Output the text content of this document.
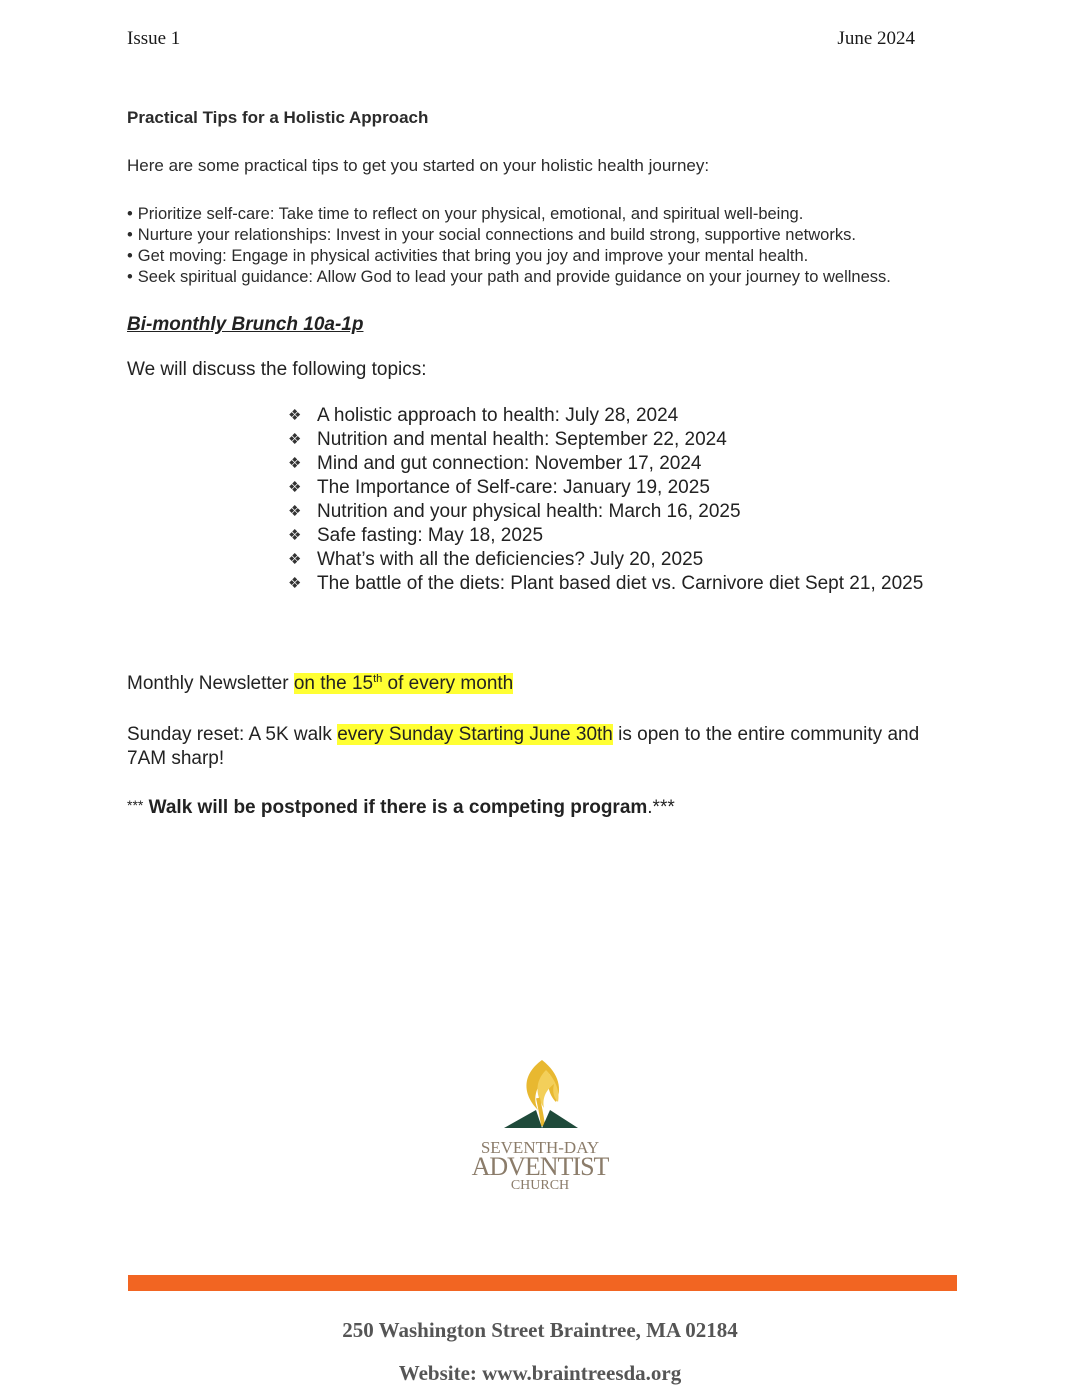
Issue 1	June 2024
Practical Tips for a Holistic Approach
Here are some practical tips to get you started on your holistic health journey:
• Prioritize self-care: Take time to reflect on your physical, emotional, and spiritual well-being.
• Nurture your relationships: Invest in your social connections and build strong, supportive networks.
• Get moving: Engage in physical activities that bring you joy and improve your mental health.
• Seek spiritual guidance: Allow God to lead your path and provide guidance on your journey to wellness.
Bi-monthly Brunch 10a-1p
We will discuss the following topics:
❖ A holistic approach to health: July 28, 2024
❖ Nutrition and mental health: September 22, 2024
❖ Mind and gut connection: November 17, 2024
❖ The Importance of Self-care: January 19, 2025
❖ Nutrition and your physical health: March 16, 2025
❖ Safe fasting: May 18, 2025
❖ What’s with all the deficiencies? July 20, 2025
❖ The battle of the diets: Plant based diet vs. Carnivore diet Sept 21, 2025
Monthly Newsletter on the 15th of every month
Sunday reset: A 5K walk every Sunday Starting June 30th is open to the entire community and 7AM sharp!
*** Walk will be postponed if there is a competing program.***
SEVENTH-DAY
ADVENTIST
CHURCH
250 Washington Street Braintree, MA 02184
Website: www.braintreesda.org
